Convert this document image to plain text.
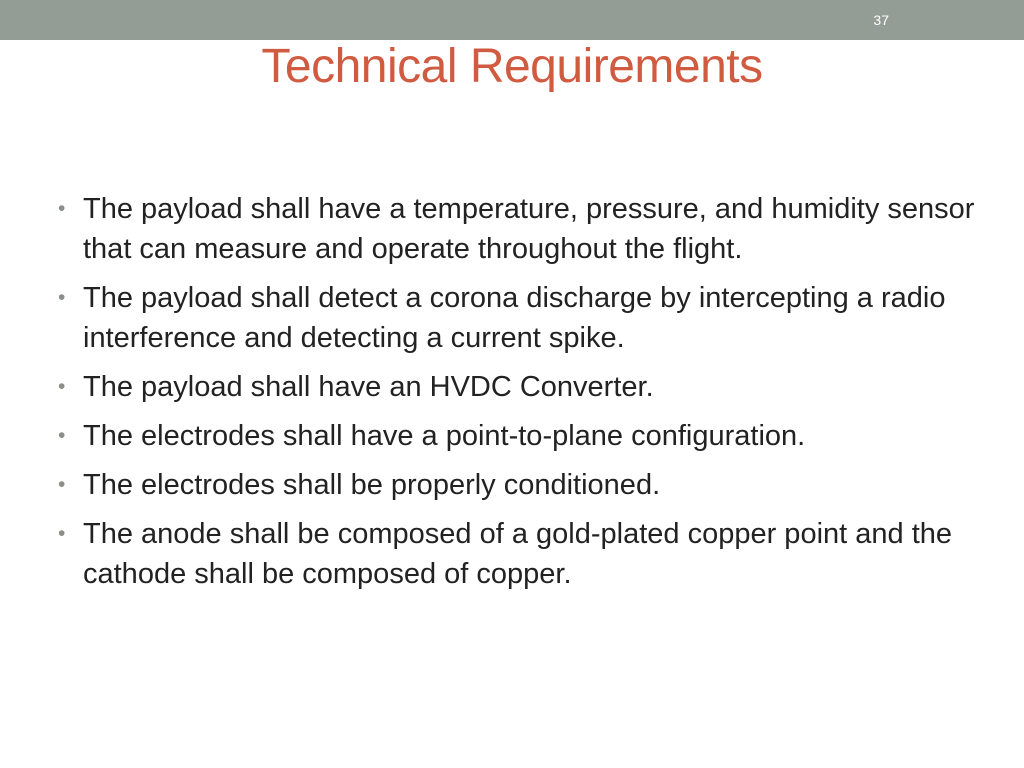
37
Technical Requirements
• The payload shall have a temperature, pressure, and humidity sensor that can measure and operate throughout the flight.
• The payload shall detect a corona discharge by intercepting a radio interference and detecting a current spike.
• The payload shall have an HVDC Converter.
• The electrodes shall have a point-to-plane configuration.
• The electrodes shall be properly conditioned.
• The anode shall be composed of a gold-plated copper point and the cathode shall be composed of copper.
